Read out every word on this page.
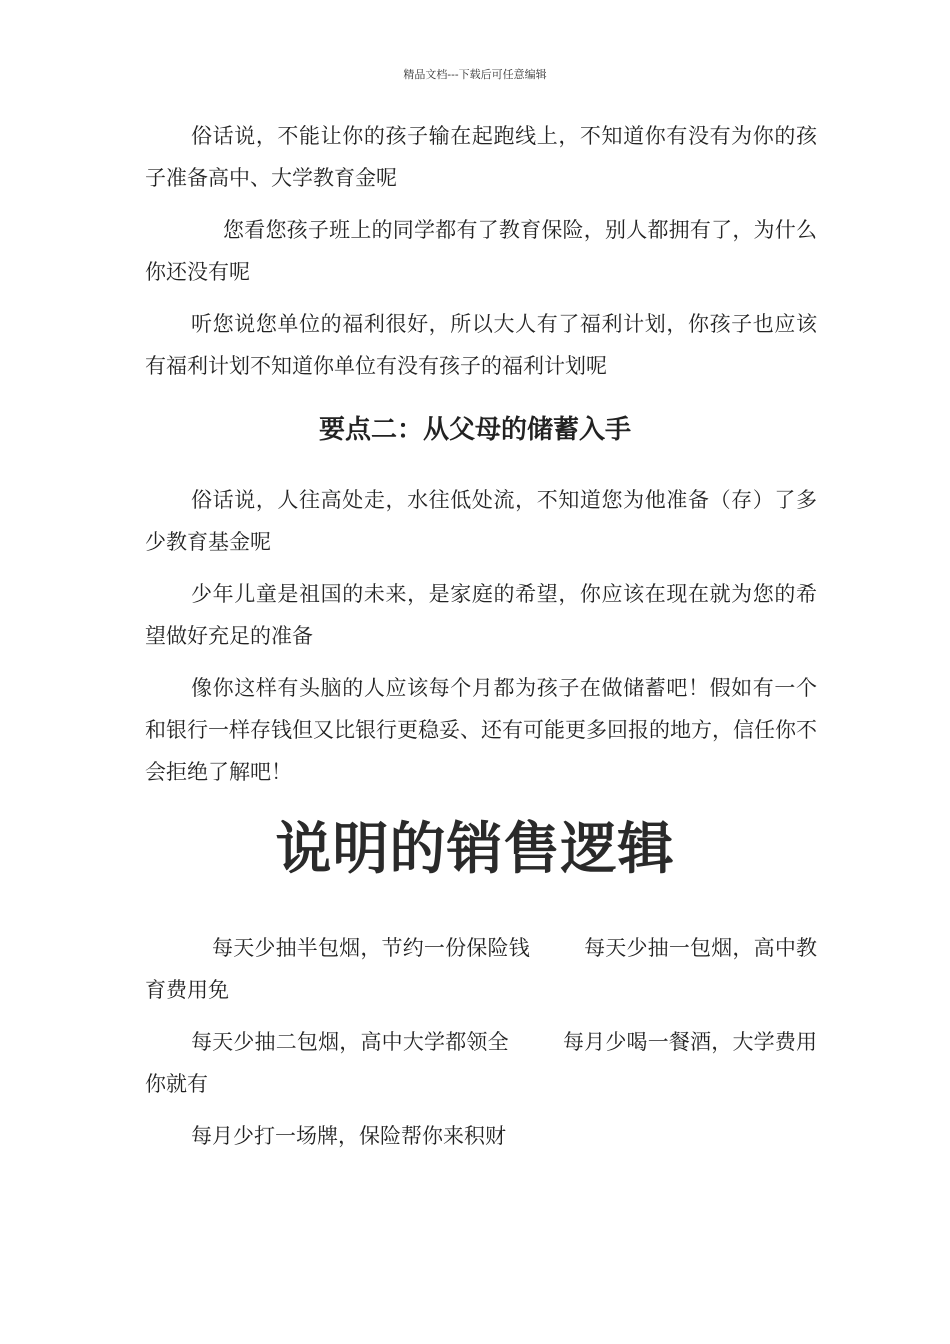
精品文档---下载后可任意编辑

俗话说，不能让你的孩子输在起跑线上，不知道你有没有为你的孩子准备高中、大学教育金呢

您看您孩子班上的同学都有了教育保险，别人都拥有了，为什么你还没有呢

听您说您单位的福利很好，所以大人有了福利计划，你孩子也应该有福利计划不知道你单位有没有孩子的福利计划呢

要点二：从父母的储蓄入手

俗话说，人往高处走，水往低处流，不知道您为他准备（存）了多少教育基金呢

少年儿童是祖国的未来，是家庭的希望，你应该在现在就为您的希望做好充足的准备

像你这样有头脑的人应该每个月都为孩子在做储蓄吧！假如有一个和银行一样存钱但又比银行更稳妥、还有可能更多回报的地方，信任你不会拒绝了解吧！

说明的销售逻辑

每天少抽半包烟，节约一份保险钱	每天少抽一包烟，高中教育费用免

每天少抽二包烟，高中大学都领全	每月少喝一餐酒，大学费用你就有

每月少打一场牌，保险帮你来积财
